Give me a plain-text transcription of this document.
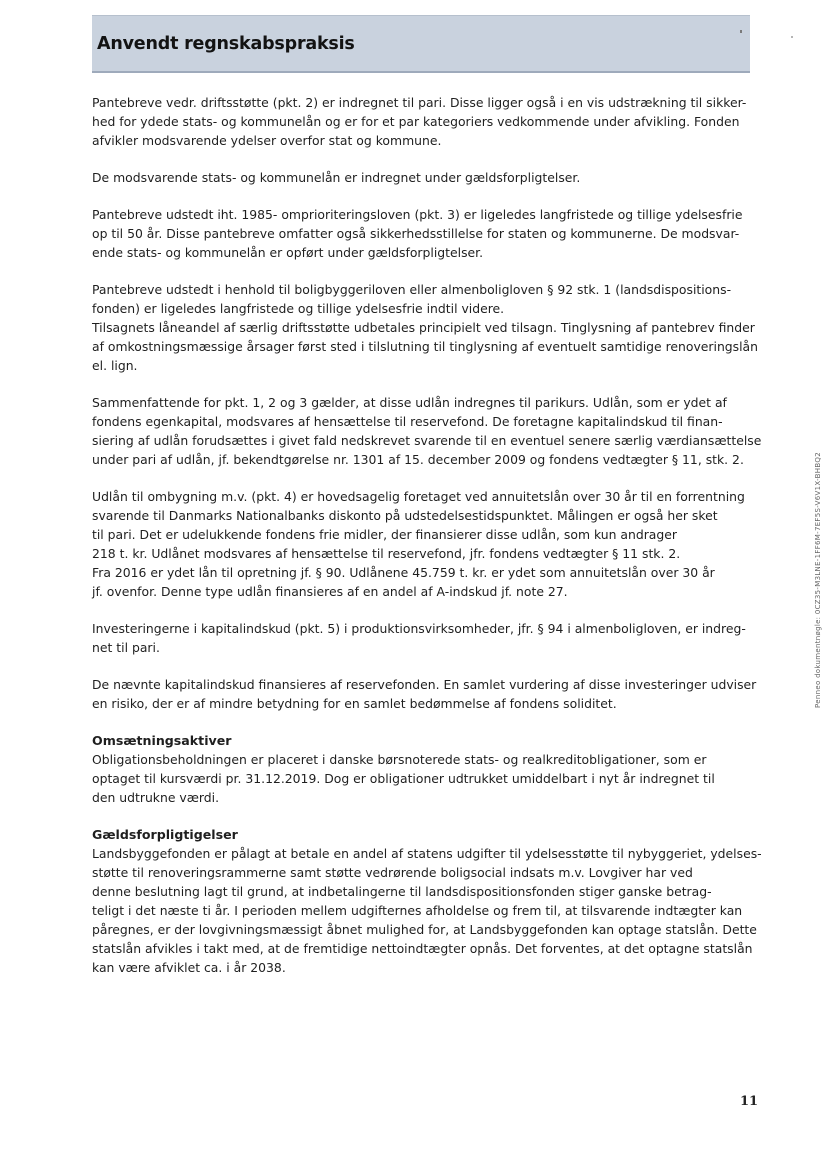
Anvendt regnskabspraksis
Pantebreve vedr. driftsstøtte (pkt. 2) er indregnet til pari. Disse ligger også i en vis udstrækning til sikker-
hed for ydede stats- og kommunelån og er for et par kategoriers vedkommende under afvikling. Fonden
afvikler modsvarende ydelser overfor stat og kommune.
De modsvarende stats- og kommunelån er indregnet under gældsforpligtelser.
Pantebreve udstedt iht. 1985- omprioriteringsloven (pkt. 3) er ligeledes langfristede og tillige ydelsesfrie
op til 50 år. Disse pantebreve omfatter også sikkerhedsstillelse for staten og kommunerne. De modsvar-
ende stats- og kommunelån er opført under gældsforpligtelser.
Pantebreve udstedt i henhold til boligbyggeriloven eller almenboligloven § 92 stk. 1 (landsdispositions-
fonden) er ligeledes langfristede og tillige ydelsesfrie indtil videre.
Tilsagnets låneandel af særlig driftsstøtte udbetales principielt ved tilsagn. Tinglysning af pantebrev finder
af omkostningsmæssige årsager først sted i tilslutning til tinglysning af eventuelt samtidige renoveringslån
el. lign.
Sammenfattende for pkt. 1, 2 og 3 gælder, at disse udlån indregnes til parikurs. Udlån, som er ydet af
fondens egenkapital, modsvares af hensættelse til reservefond. De foretagne kapitalindskud til finan-
siering af udlån forudsættes i givet fald nedskrevet svarende til en eventuel senere særlig værdiansættelse
under pari af udlån, jf. bekendtgørelse nr. 1301 af 15. december 2009 og fondens vedtægter § 11, stk. 2.
Udlån til ombygning m.v. (pkt. 4) er hovedsagelig foretaget ved annuitetslån over 30 år til en forrentning
svarende til Danmarks Nationalbanks diskonto på udstedelsestidspunktet. Målingen er også her sket
til pari. Det er udelukkende fondens frie midler, der finansierer disse udlån, som kun andrager
218 t. kr. Udlånet modsvares af hensættelse til reservefond, jfr. fondens vedtægter § 11 stk. 2.
Fra 2016 er ydet lån til opretning jf. § 90. Udlånene 45.759 t. kr. er ydet som annuitetslån over 30 år
jf. ovenfor. Denne type udlån finansieres af en andel af A-indskud jf. note 27.
Investeringerne i kapitalindskud (pkt. 5) i produktionsvirksomheder, jfr. § 94 i almenboligloven, er indreg-
net til pari.
De nævnte kapitalindskud finansieres af reservefonden. En samlet vurdering af disse investeringer udviser
en risiko, der er af mindre betydning for en samlet bedømmelse af fondens soliditet.
Omsætningsaktiver
Obligationsbeholdningen er placeret i danske børsnoterede stats- og realkreditobligationer, som er
optaget til kursværdi pr. 31.12.2019. Dog er obligationer udtrukket umiddelbart i nyt år indregnet til
den udtrukne værdi.
Gældsforpligtigelser
Landsbyggefonden er pålagt at betale en andel af statens udgifter til ydelsesstøtte til nybyggeriet, ydelses-
støtte til renoveringsrammerne samt støtte vedrørende boligsocial indsats m.v. Lovgiver har ved
denne beslutning lagt til grund, at indbetalingerne til landsdispositionsfonden stiger ganske betrag-
teligt i det næste ti år. I perioden mellem udgifternes afholdelse og frem til, at tilsvarende indtægter kan
påregnes, er der lovgivningsmæssigt åbnet mulighed for, at Landsbyggefonden kan optage statslån. Dette
statslån afvikles i takt med, at de fremtidige nettoindtægter opnås. Det forventes, at det optagne statslån
kan være afviklet ca. i år 2038.
Penneo dokumentnøgle: 0CZ35-M3LNE-1FF6M-7EF5S-V6V1X-BHBQ2
11
